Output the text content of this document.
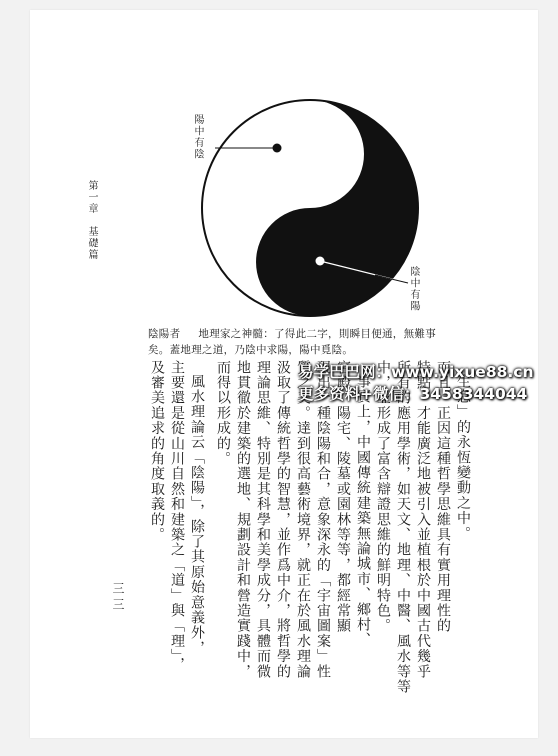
第一章　基礎篇
陽中有陰
陰中有陽
陰陽者 地理家之神髓：了得此二字，則瞬目便通，無難事
矣。蓋地理之道，乃陰中求陽，陽中覓陰。
生息」的永恆變動之中。
而且，正因這種哲學思維具有實用理性的
特點，才能廣泛地被引入並植根於中國古代幾乎
所有的應用學術，如天文、地理、中醫、風水等等
中，並形成了富含辯證思維的鮮明特色。
事實上，中國傳統建築無論城市、鄉村、
宮殿、陽宅、陵墓或園林等等，都經常顯
現出一種陰陽和合，意象深永的「宇宙圖案」性
質之美。達到很高藝術境界，就正在於風水理論
汲取了傳統哲學的智慧，並作爲中介，將哲學的
理論思維、特別是其科學和美學成分，具體而微
地貫徹於建築的選地、規劃設計和營造實踐中，
而得以形成的。
風水理論云「陰陽」，除了其原始意義外，
主要還是從山川自然和建築之「道」與「理」，
及審美追求的角度取義的。
三三
易学巴巴网：www.yixue88.cn
更多资料+微信：3458344044
